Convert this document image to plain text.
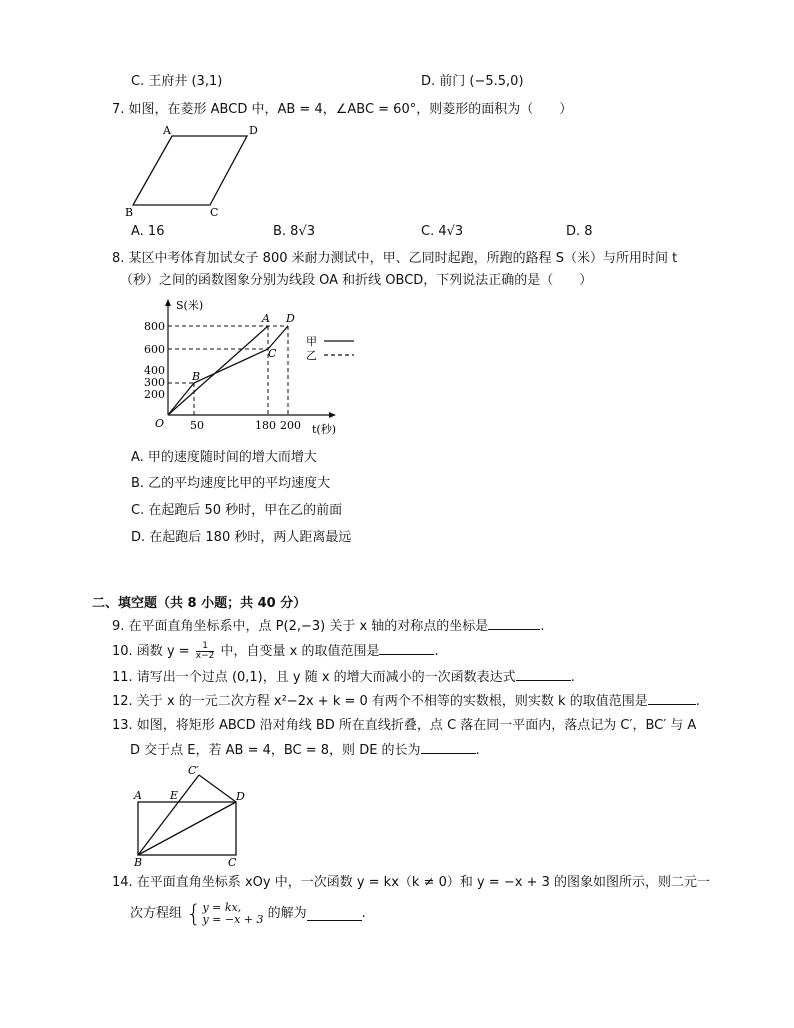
C. 王府井 (3,1)	D. 前门 (−5.5,0)
7. 如图，在菱形 ABCD 中，AB = 4，∠ABC = 60°，则菱形的面积为（　　）
A	D
B	C
A. 16	B. 8√3	C. 4√3	D. 8
8. 某区中考体育加试女子 800 米耐力测试中，甲、乙同时起跑，所跑的路程 S（米）与所用时间 t
（秒）之间的函数图象分别为线段 OA 和折线 OBCD，下列说法正确的是（　　）
800
600
400
300
200
50	180 200
O
S(米)
t(秒)
A D
C
B
甲
乙
A. 甲的速度随时间的增大而增大
B. 乙的平均速度比甲的平均速度大
C. 在起跑后 50 秒时，甲在乙的前面
D. 在起跑后 180 秒时，两人距离最远
二、填空题（共 8 小题；共 40 分）
9. 在平面直角坐标系中，点 P(2,−3) 关于 x 轴的对称点的坐标是	.
10. 函数 $y = \frac{1}{x-2}$ 中，自变量 x 的取值范围是	.
11. 请写出一个过点 (0,1)，且 y 随 x 的增大而减小的一次函数表达式	.
12. 关于 x 的一元二次方程 x²−2x + k = 0 有两个不相等的实数根，则实数 k 的取值范围是	.
13. 如图，将矩形 ABCD 沿对角线 BD 所在直线折叠，点 C 落在同一平面内，落点记为 C′，BC′ 与 A
D 交于点 E，若 AB = 4，BC = 8，则 DE 的长为	.
C′
A	E	D
B	C
14. 在平面直角坐标系 xOy 中，一次函数 y = kx（k ≠ 0）和 y = −x + 3 的图象如图所示，则二元一
次方程组 { y = kx,
y = −x + 3 的解为	.
